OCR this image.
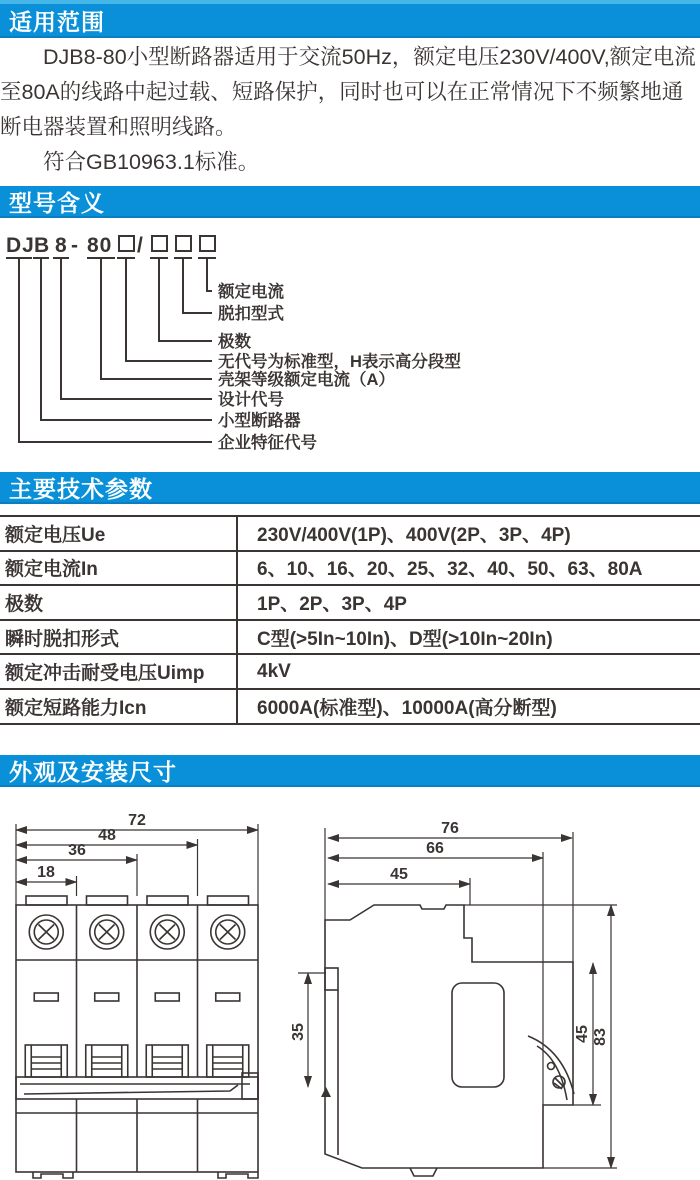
适用范围

DJB8-80小型断路器适用于交流50Hz，额定电压230V/400V,额定电流至80A的线路中起过载、短路保护，同时也可以在正常情况下不频繁地通断电器装置和照明线路。

符合GB10963.1标准。

型号含义
DJ B 8 - 80 /
额定电流
脱扣型式
极数
无代号为标准型，H表示高分段型
壳架等级额定电流（A）
设计代号
小型断路器
企业特征代号
主要技术参数
额定电压Ue	230V/400V(1P)、400V(2P、3P、4P)
额定电流In	6、10、16、20、25、32、40、50、63、80A
极数	1P、2P、3P、4P
瞬时脱扣形式	C型(>5In~10In)、D型(>10In~20In)
额定冲击耐受电压Uimp	4kV
额定短路能力Icn	6000A(标准型)、10000A(高分断型)
外观及安装尺寸
72
48
36
18
76
66
45
35	45 83
